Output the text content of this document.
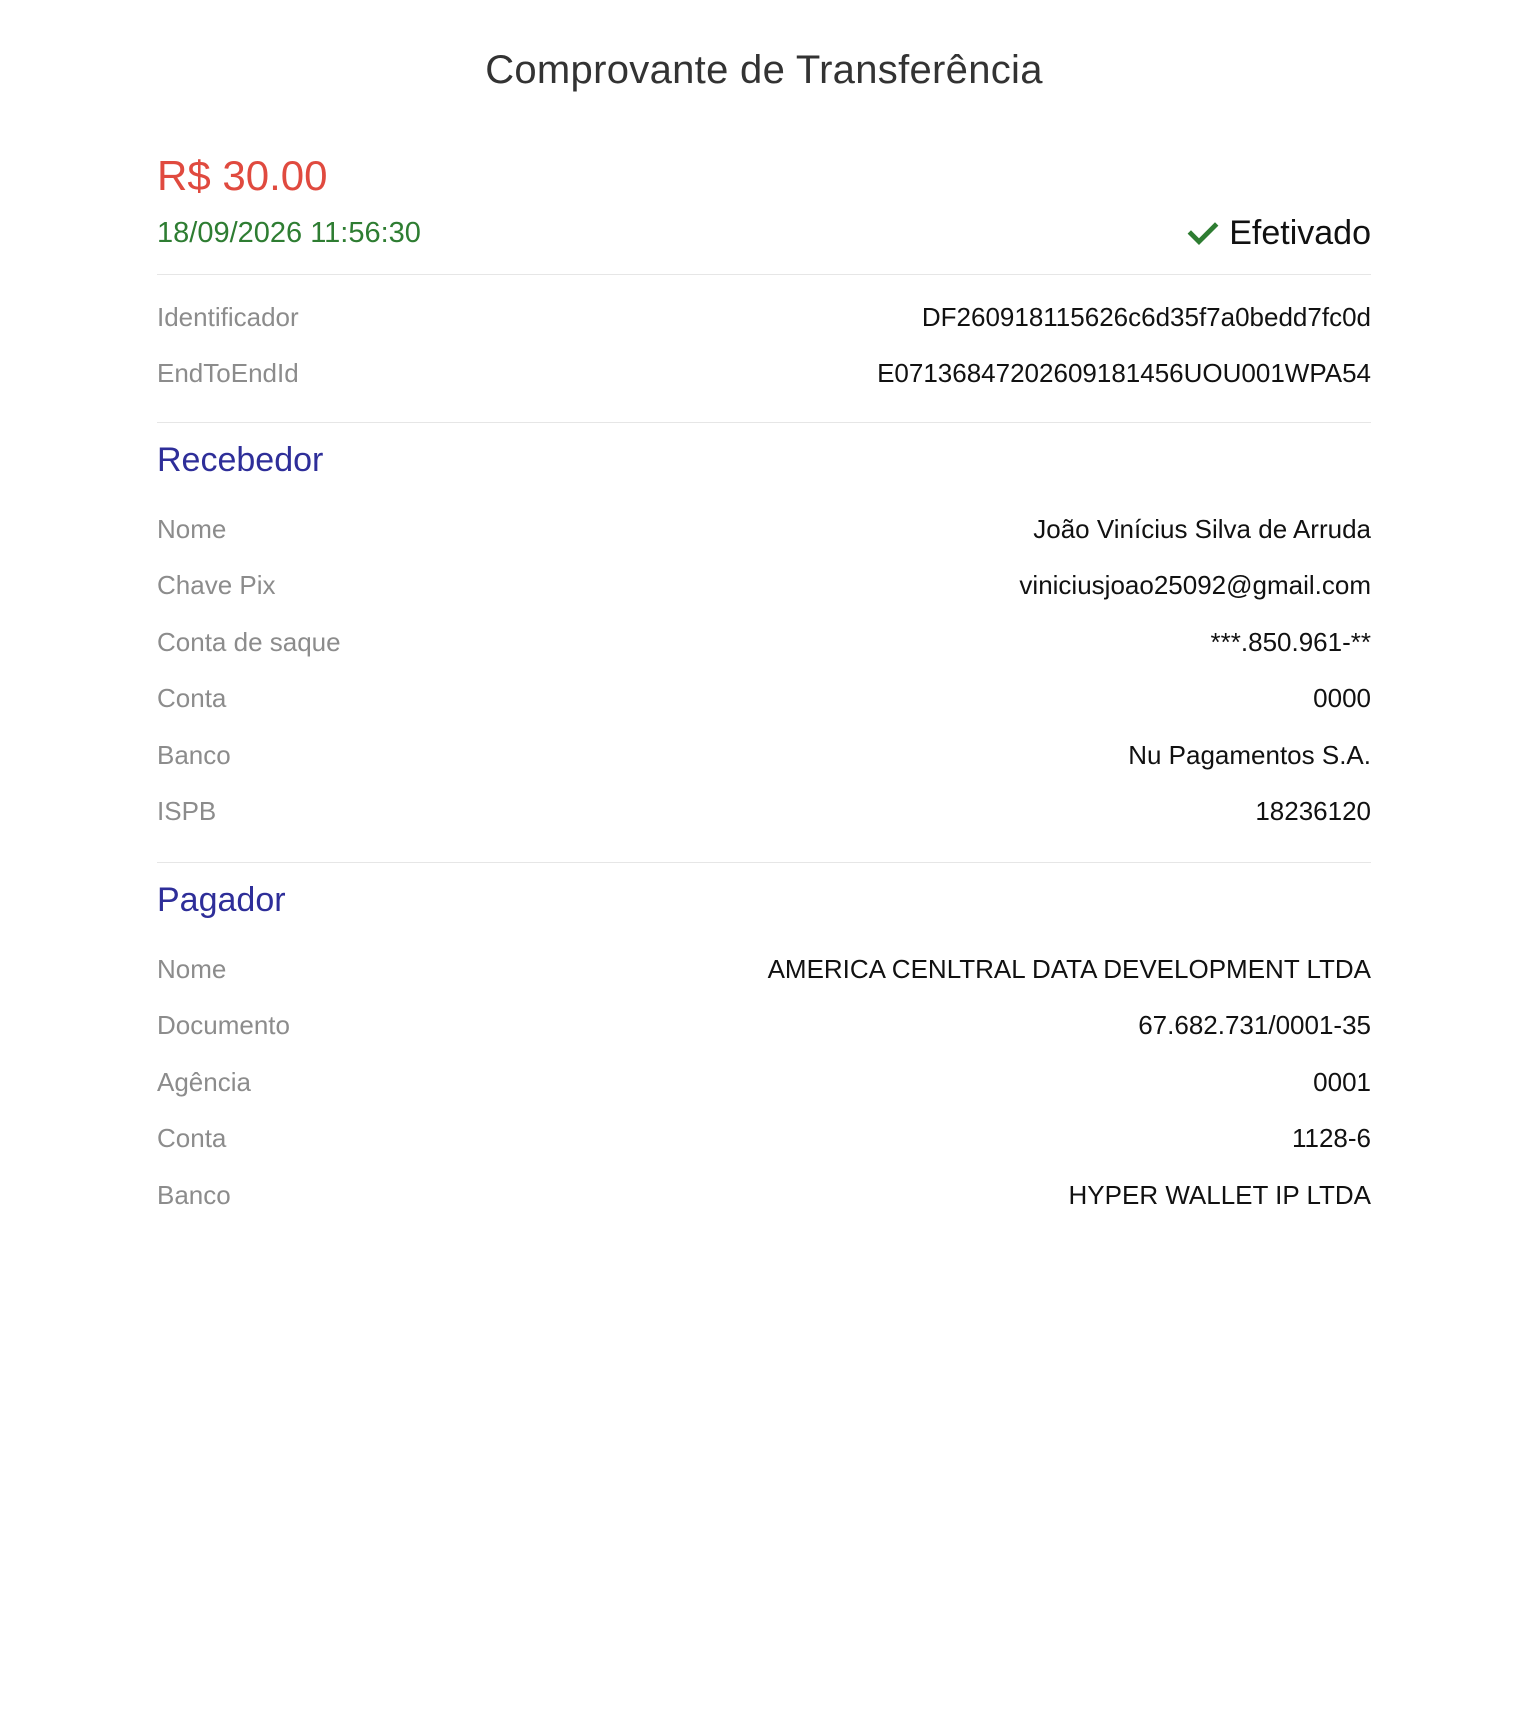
Comprovante de Transferência
R$ 30.00
18/09/2026 11:56:30	Efetivado
Identificador	DF260918115626c6d35f7a0bedd7fc0d
EndToEndId	E07136847202609181456UOU001WPA54
Recebedor
Nome	João Vinícius Silva de Arruda
Chave Pix	viniciusjoao25092@gmail.com
Conta de saque	***.850.961-**
Conta	0000
Banco	Nu Pagamentos S.A.
ISPB	18236120
Pagador
Nome	AMERICA CENLTRAL DATA DEVELOPMENT LTDA
Documento	67.682.731/0001-35
Agência	0001
Conta	1128-6
Banco	HYPER WALLET IP LTDA
